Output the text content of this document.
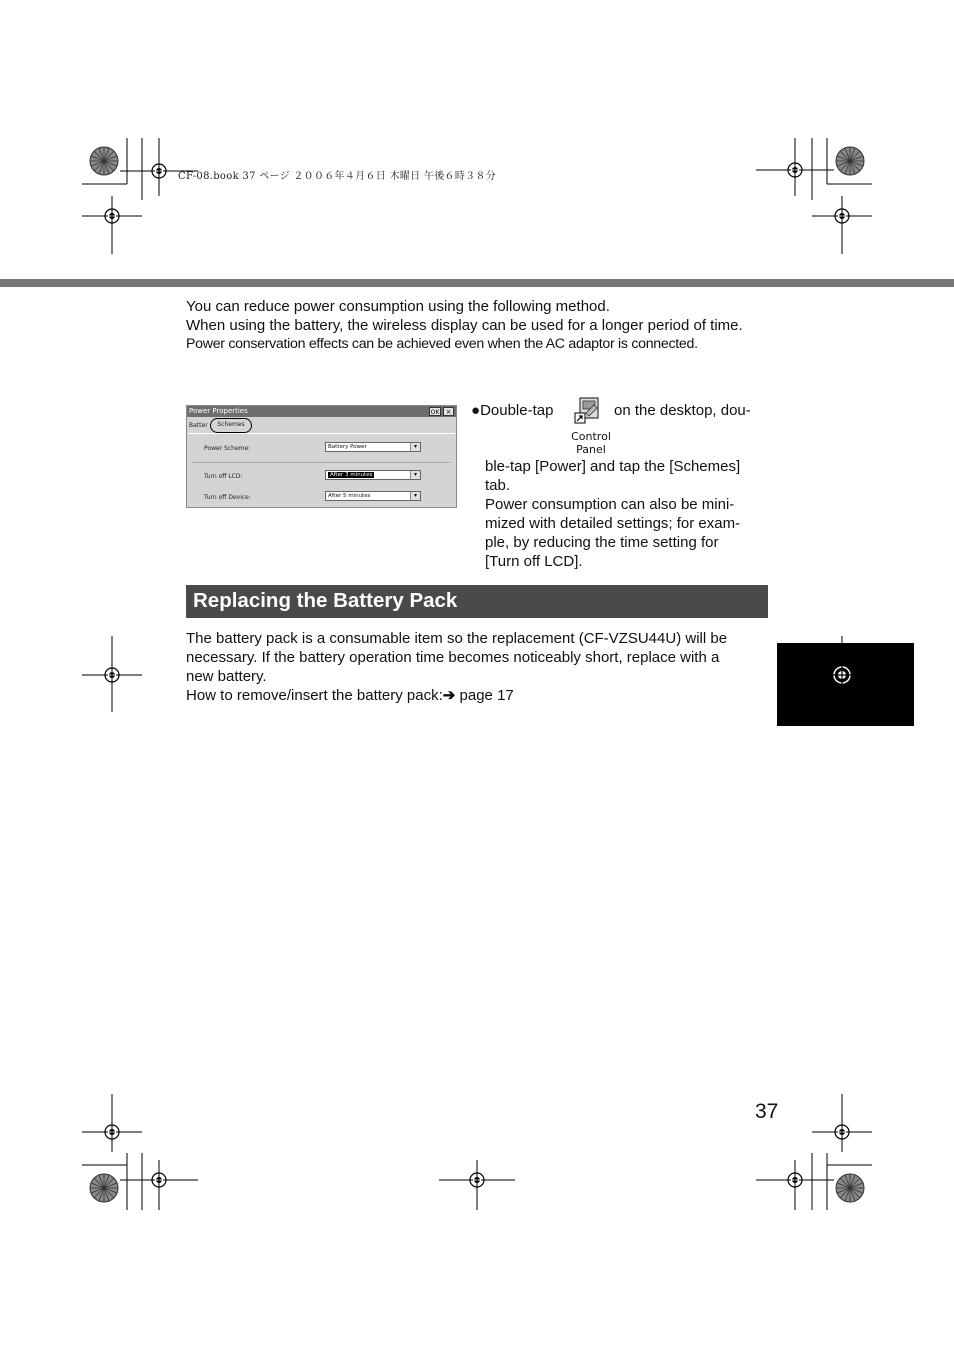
CF-08.book 37 ページ ２００６年４月６日 木曜日 午後６時３８分
You can reduce power consumption using the following method.
When using the battery, the wireless display can be used for a longer period of time.
Power conservation effects can be achieved even when the AC adaptor is connected.
Power Properties	OK ×
Batter	Schemes
Power Scheme:	Battery Power	▾
Turn off LCD:	After 3 minutes	▾
Turn off Device:	After 5 minutes	▾
●Double-tap
Control
Panel
on the desktop, dou-
ble-tap [Power] and tap the [Schemes]
tab.
Power consumption can also be mini-
mized with detailed settings; for exam-
ple, by reducing the time setting for
[Turn off LCD].
Replacing the Battery Pack
The battery pack is a consumable item so the replacement (CF-VZSU44U) will be
necessary. If the battery operation time becomes noticeably short, replace with a
new battery.
How to remove/insert the battery pack:➔ page 17
37
